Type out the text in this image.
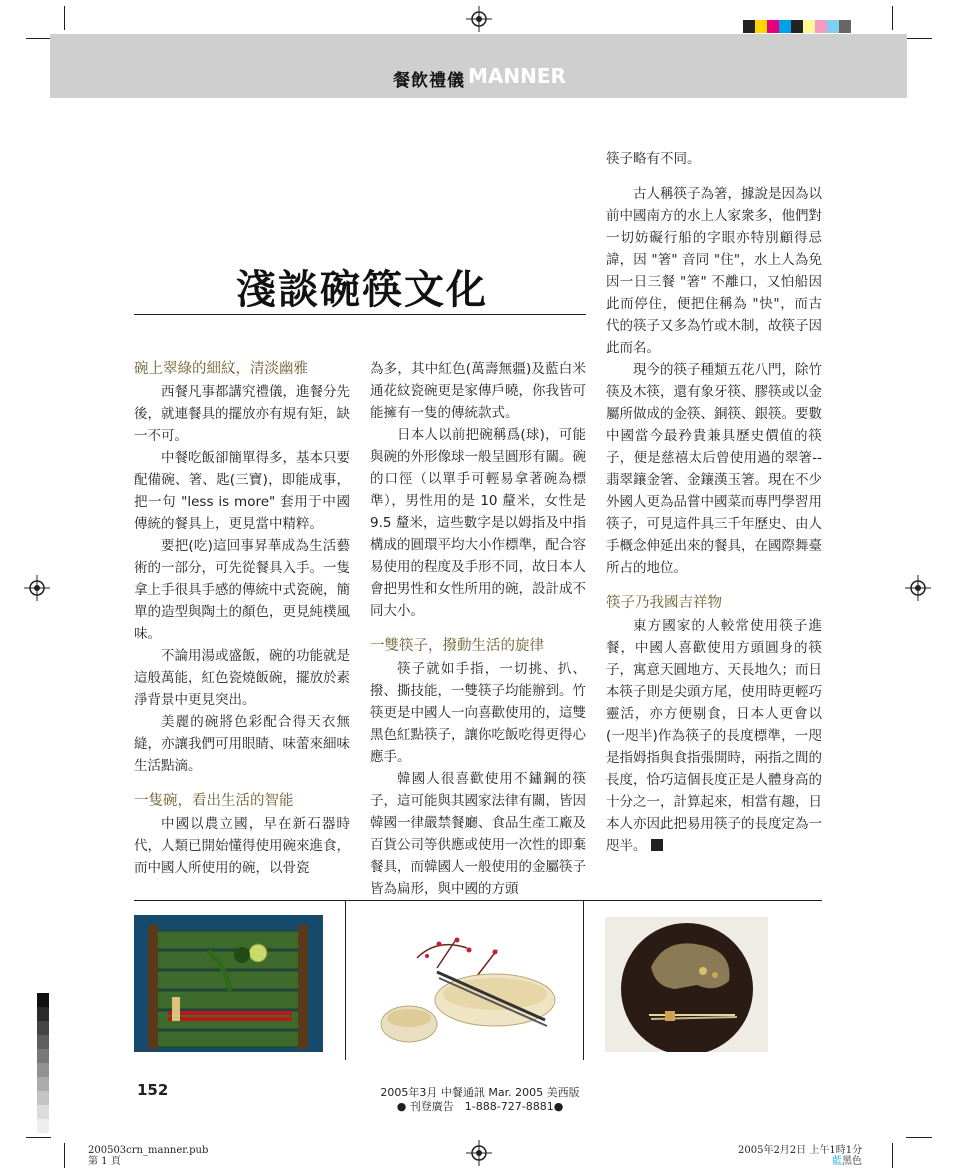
餐飲禮儀 MANNER
淺談碗筷文化
碗上翠綠的細紋，清淡幽雅

西餐凡事都講究禮儀，進餐分先後，就連餐具的擺放亦有規有矩，缺一不可。

中餐吃飯卻簡單得多，基本只要配備碗、箸、匙(三寶)，即能成事，把一句 "less is more" 套用于中國傳統的餐具上，更見當中精粹。

要把(吃)這回事昇華成為生活藝術的一部分，可先從餐具入手。一隻拿上手很具手感的傳統中式瓷碗，簡單的造型與陶土的顏色，更見純樸風味。

不論用湯或盛飯，碗的功能就是這般萬能，紅色瓷燒飯碗，擺放於素淨背景中更見突出。

美麗的碗將色彩配合得天衣無縫，亦讓我們可用眼睛、味蕾來細味生活點滴。

一隻碗，看出生活的智能

中國以農立國，早在新石器時代，人類已開始懂得使用碗來進食，而中國人所使用的碗，以骨瓷

為多，其中紅色(萬壽無疆)及藍白米通花紋瓷碗更是家傳戶曉，你我皆可能擁有一隻的傳統款式。

日本人以前把碗稱爲(球)，可能與碗的外形像球一般呈圓形有關。碗的口徑（以單手可輕易拿著碗為標準），男性用的是 10 釐米，女性是 9.5 釐米，這些數字是以姆指及中指構成的圓環平均大小作標準，配合容易使用的程度及手形不同，故日本人會把男性和女性所用的碗，設計成不同大小。

一雙筷子，撥動生活的旋律

筷子就如手指，一切挑、扒、撥、撕技能，一雙筷子均能辦到。竹筷更是中國人一向喜歡使用的，這雙黑色紅點筷子，讓你吃飯吃得更得心應手。

韓國人很喜歡使用不鏽鋼的筷子，這可能與其國家法律有關，皆因韓國一律嚴禁餐廳、食品生產工廠及百貨公司等供應或使用一次性的即棄餐具，而韓國人一般使用的金屬筷子皆為扁形，與中國的方頭

筷子略有不同。

古人稱筷子為箸，據說是因為以前中國南方的水上人家衆多，他們對一切妨礙行船的字眼亦特別顧得忌諱，因 "箸" 音同 "住"，水上人為免因一日三餐 "箸" 不離口，又怕船因此而停住，便把住稱為 "快"，而古代的筷子又多為竹或木制，故筷子因此而名。

現今的筷子種類五花八門，除竹筷及木筷，還有象牙筷、膠筷或以金屬所做成的金筷、銅筷、銀筷。要數中國當今最矜貴兼具歷史價值的筷子，便是慈禧太后曾使用過的翠箸--翡翠鑲金箸、金鑲漢玉箸。現在不少外國人更為品嘗中國菜而專門學習用筷子，可見這件具三千年歷史、由人手概念伸延出來的餐具，在國際舞臺所占的地位。

筷子乃我國吉祥物

東方國家的人較常使用筷子進餐，中國人喜歡使用方頭圓身的筷子，寓意天圓地方、天長地久；而日本筷子則是尖頭方尾，使用時更輕巧靈活，亦方便剔食，日本人更會以(一咫半)作為筷子的長度標準，一咫是指姆指與食指張開時，兩指之間的長度，恰巧這個長度正是人體身高的十分之一，計算起來，相當有趣，日本人亦因此把易用筷子的長度定為一咫半。

152	2005年3月 中餐通訊 Mar. 2005 美西版
● 刊登廣告　1-888-727-8881●
200503crn_manner.pub
第 1 頁
2005年2月2日 上午1時1分
藍黑色
